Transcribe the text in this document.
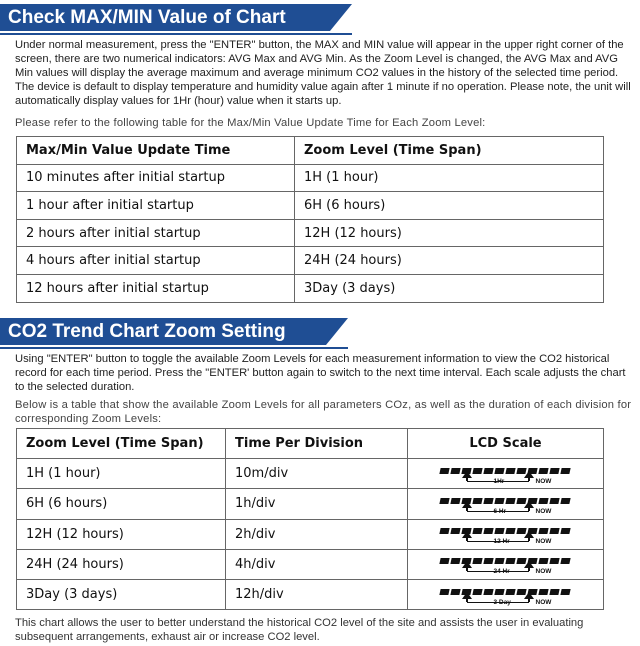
Check MAX/MIN Value of Chart
Under normal measurement, press the "ENTER" button, the MAX and MIN value will appear in the upper right corner of the screen, there are two numerical indicators: AVG Max and AVG Min. As the Zoom Level is changed, the AVG Max and AVG Min values will display the average maximum and average minimum CO2 values in the history of the selected time period. The device is default to display temperature and humidity value again after 1 minute if no operation. Please note, the unit will automatically display values for 1Hr (hour) value when it starts up.
Please refer to the following table for the Max/Min Value Update Time for Each Zoom Level:
Max/Min Value Update Time	Zoom Level (Time Span)
10 minutes after initial startup	1H (1 hour)
1 hour after initial startup	6H (6 hours)
2 hours after initial startup	12H (12 hours)
4 hours after initial startup	24H (24 hours)
12 hours after initial startup	3Day (3 days)
CO2 Trend Chart Zoom Setting
Using "ENTER" button to toggle the available Zoom Levels for each measurement information to view the CO2 historical record for each time period. Press the "ENTER' button again to switch to the next time interval. Each scale adjusts the chart to the selected duration.
Below is a table that show the available Zoom Levels for all parameters COz, as well as the duration of each division for corresponding Zoom Levels:
Zoom Level (Time Span)	Time Per Division	LCD Scale
1H (1 hour)	10m/div	NOW

6H (6 hours)	1h/div	NOW

12H (12 hours)	2h/div	NOW

24H (24 hours)	4h/div	NOW

3Day (3 days)	12h/div	NOW
This chart allows the user to better understand the historical CO2 level of the site and assists the user in evaluating subsequent arrangements, exhaust air or increase CO2 level.
